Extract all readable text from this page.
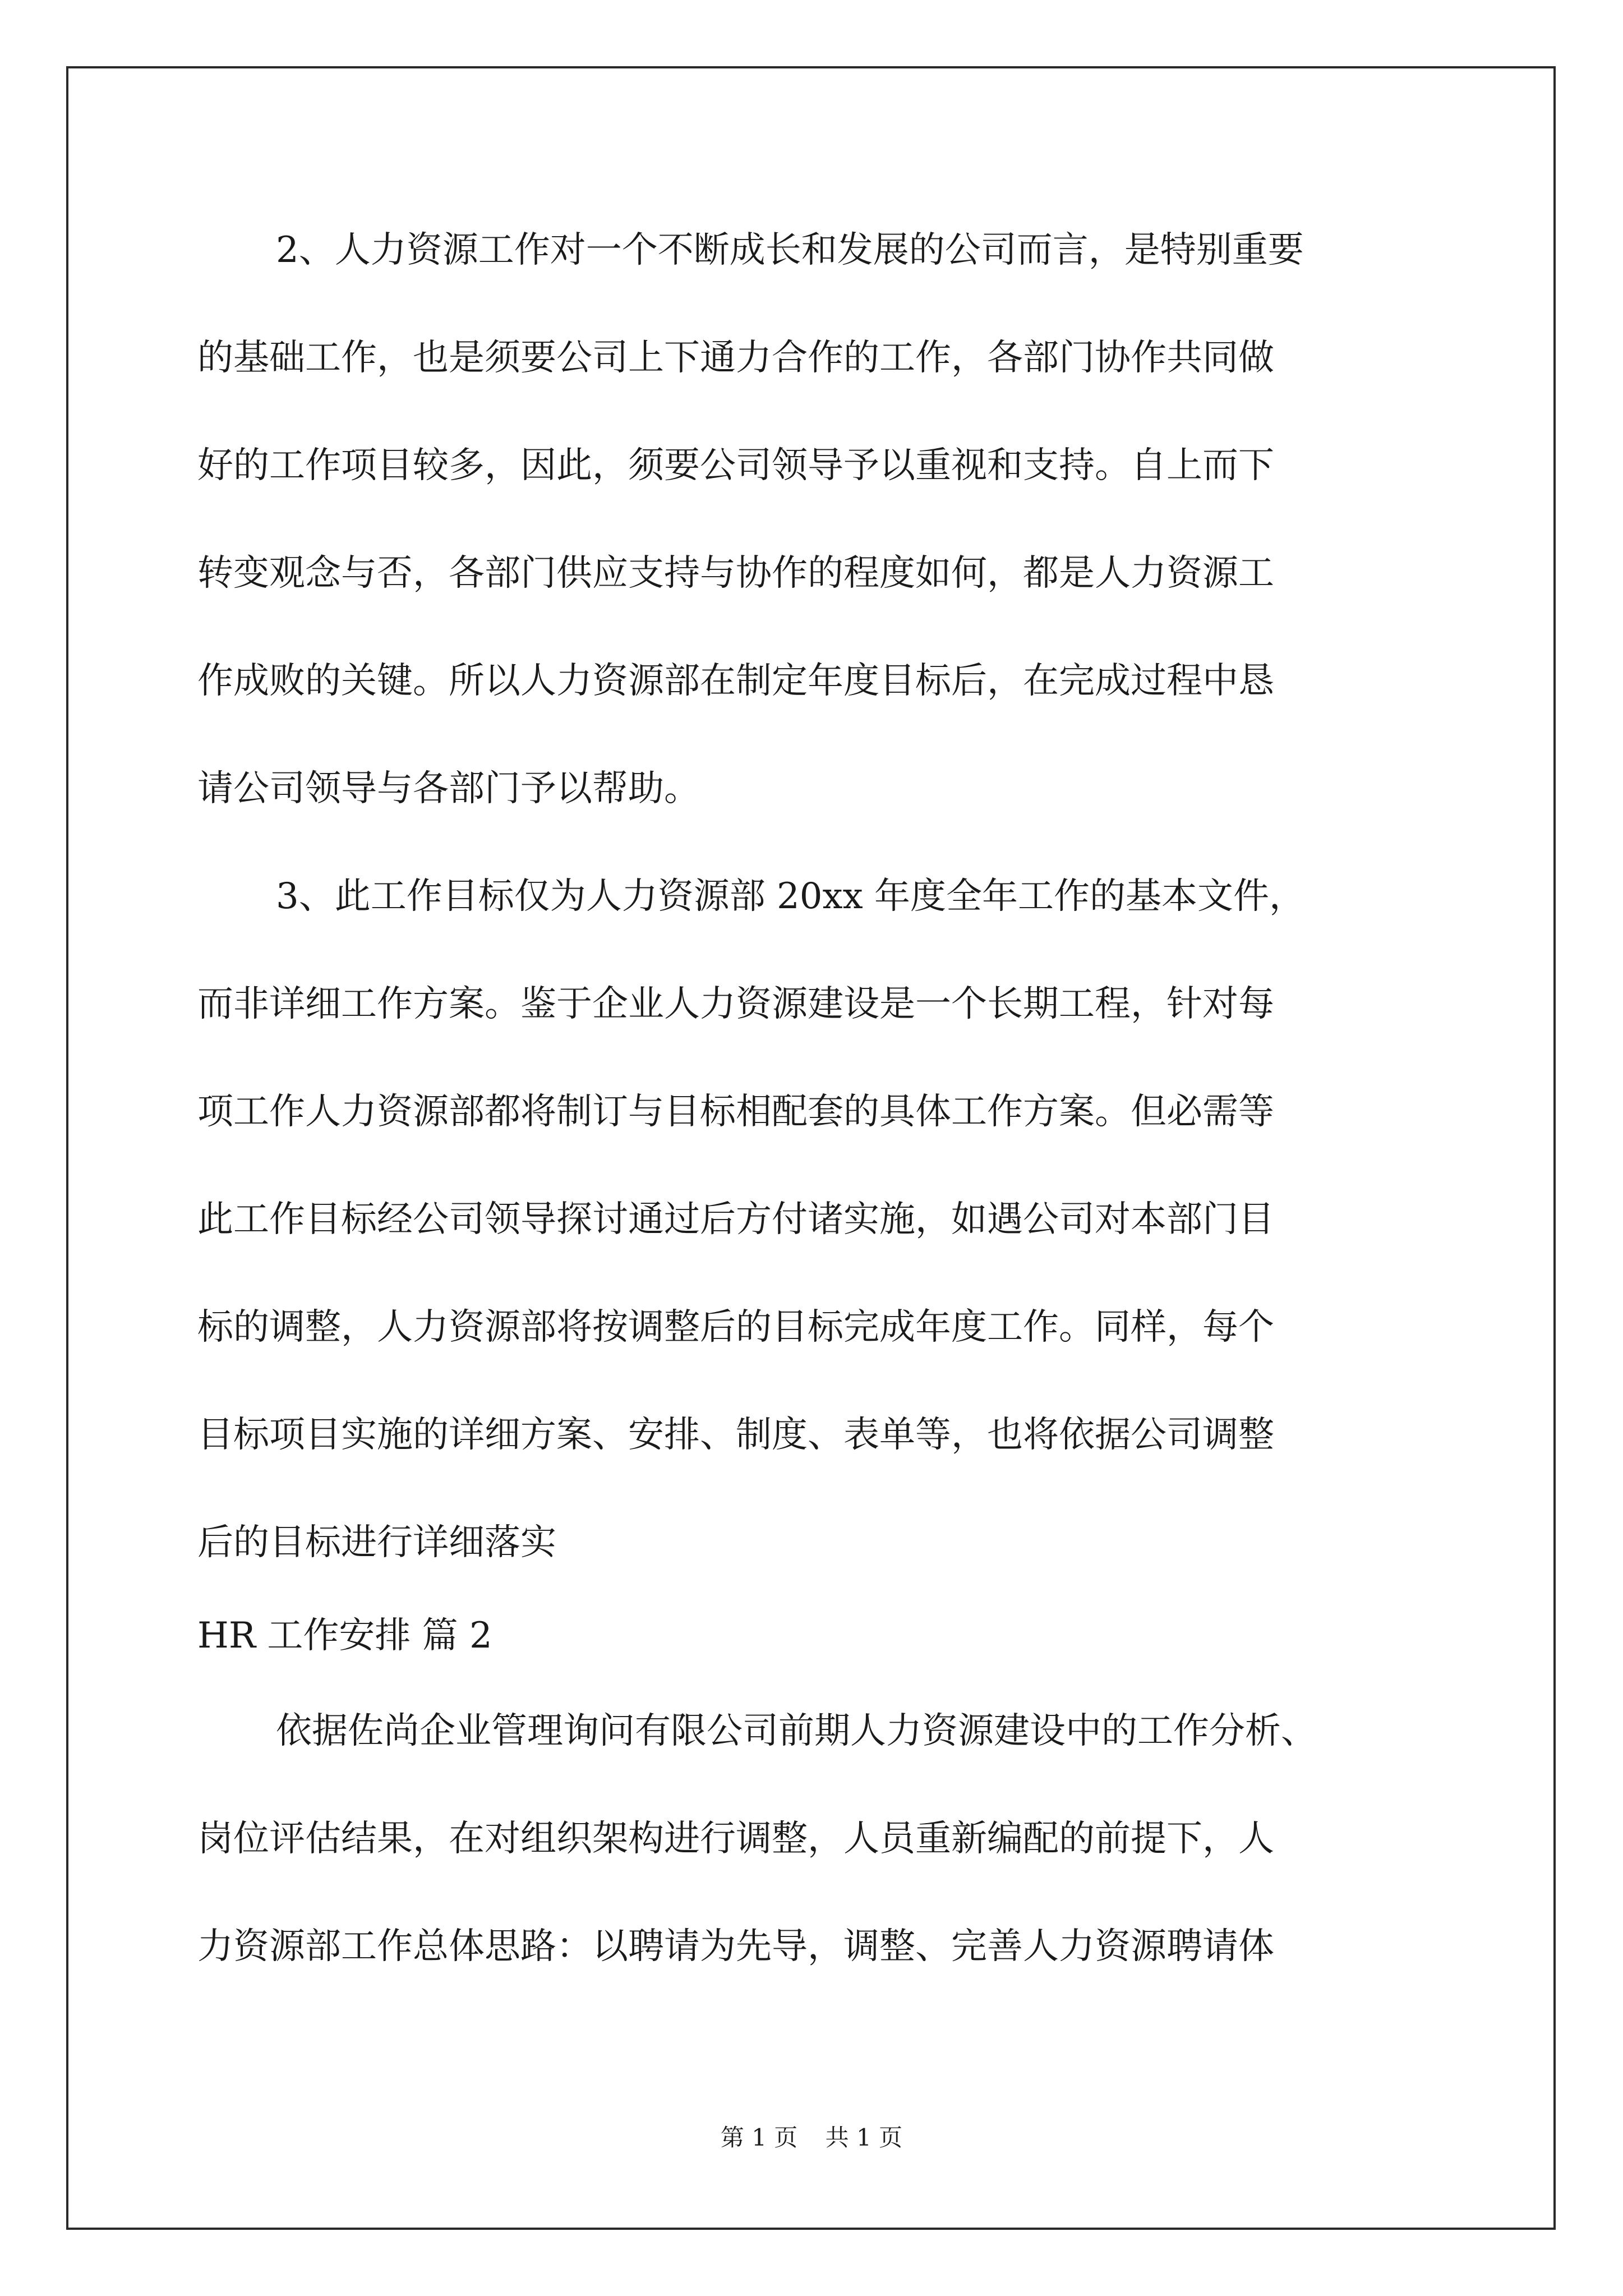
2、人力资源工作对一个不断成长和发展的公司而言，是特别重要
的基础工作，也是须要公司上下通力合作的工作，各部门协作共同做
好的工作项目较多，因此，须要公司领导予以重视和支持。自上而下
转变观念与否，各部门供应支持与协作的程度如何，都是人力资源工
作成败的关键。所以人力资源部在制定年度目标后，在完成过程中恳
请公司领导与各部门予以帮助。
3、此工作目标仅为人力资源部 20xx 年度全年工作的基本文件，
而非详细工作方案。鉴于企业人力资源建设是一个长期工程，针对每
项工作人力资源部都将制订与目标相配套的具体工作方案。但必需等
此工作目标经公司领导探讨通过后方付诸实施，如遇公司对本部门目
标的调整，人力资源部将按调整后的目标完成年度工作。同样，每个
目标项目实施的详细方案、安排、制度、表单等，也将依据公司调整
后的目标进行详细落实
HR 工作安排 篇 2
依据佐尚企业管理询问有限公司前期人力资源建设中的工作分析、
岗位评估结果，在对组织架构进行调整，人员重新编配的前提下，人
力资源部工作总体思路：以聘请为先导，调整、完善人力资源聘请体
第 1 页 共 1 页
